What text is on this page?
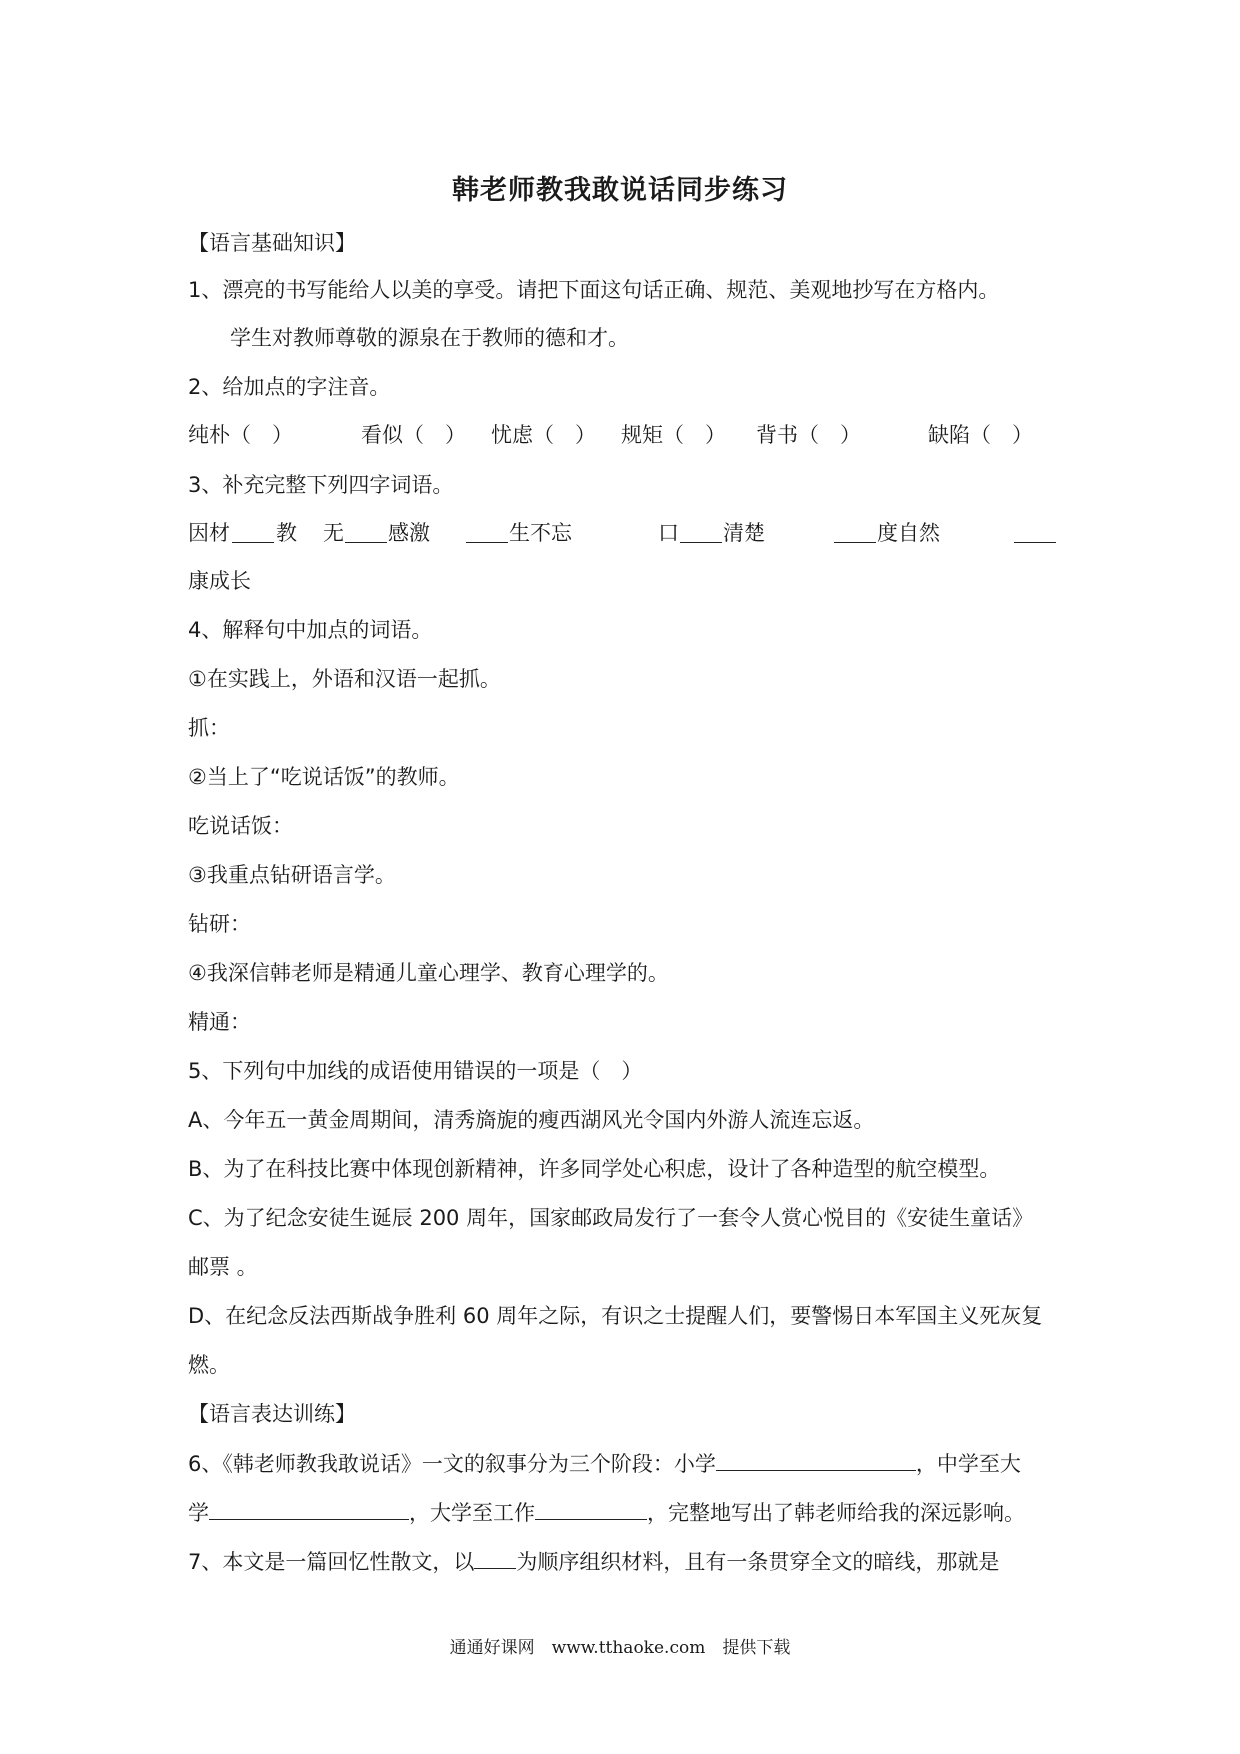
韩老师教我敢说话同步练习
【语言基础知识】
1、漂亮的书写能给人以美的享受。请把下面这句话正确、规范、美观地抄写在方格内。
学生对教师尊敬的源泉在于教师的德和才。
2、给加点的字注音。
纯朴（　）	看似（　） 忧虑（　） 规矩（　） 背书（　）	缺陷（　）
3、补充完整下列四字词语。
因材 教 无 感激	生不忘	口 清楚	度自然
康成长
4、解释句中加点的词语。
①在实践上，外语和汉语一起抓。
抓：
②当上了“吃说话饭”的教师。
吃说话饭：
③我重点钻研语言学。
钻研：
④我深信韩老师是精通儿童心理学、教育心理学的。
精通：
5、下列句中加线的成语使用错误的一项是（　）
A、今年五一黄金周期间，清秀旖旎的瘦西湖风光令国内外游人流连忘返。
B、为了在科技比赛中体现创新精神，许多同学处心积虑，设计了各种造型的航空模型。
C、为了纪念安徒生诞辰 200 周年，国家邮政局发行了一套令人赏心悦目的《安徒生童话》
邮票 。
D、在纪念反法西斯战争胜利 60 周年之际，有识之士提醒人们，要警惕日本军国主义死灰复
燃。
【语言表达训练】
6、《韩老师教我敢说话》一文的叙事分为三个阶段：小学	，中学至大
学	，大学至工作	，完整地写出了韩老师给我的深远影响。
7、本文是一篇回忆性散文，以 为顺序组织材料，且有一条贯穿全文的暗线，那就是
通通好课网　www.tthaoke.com　提供下载
